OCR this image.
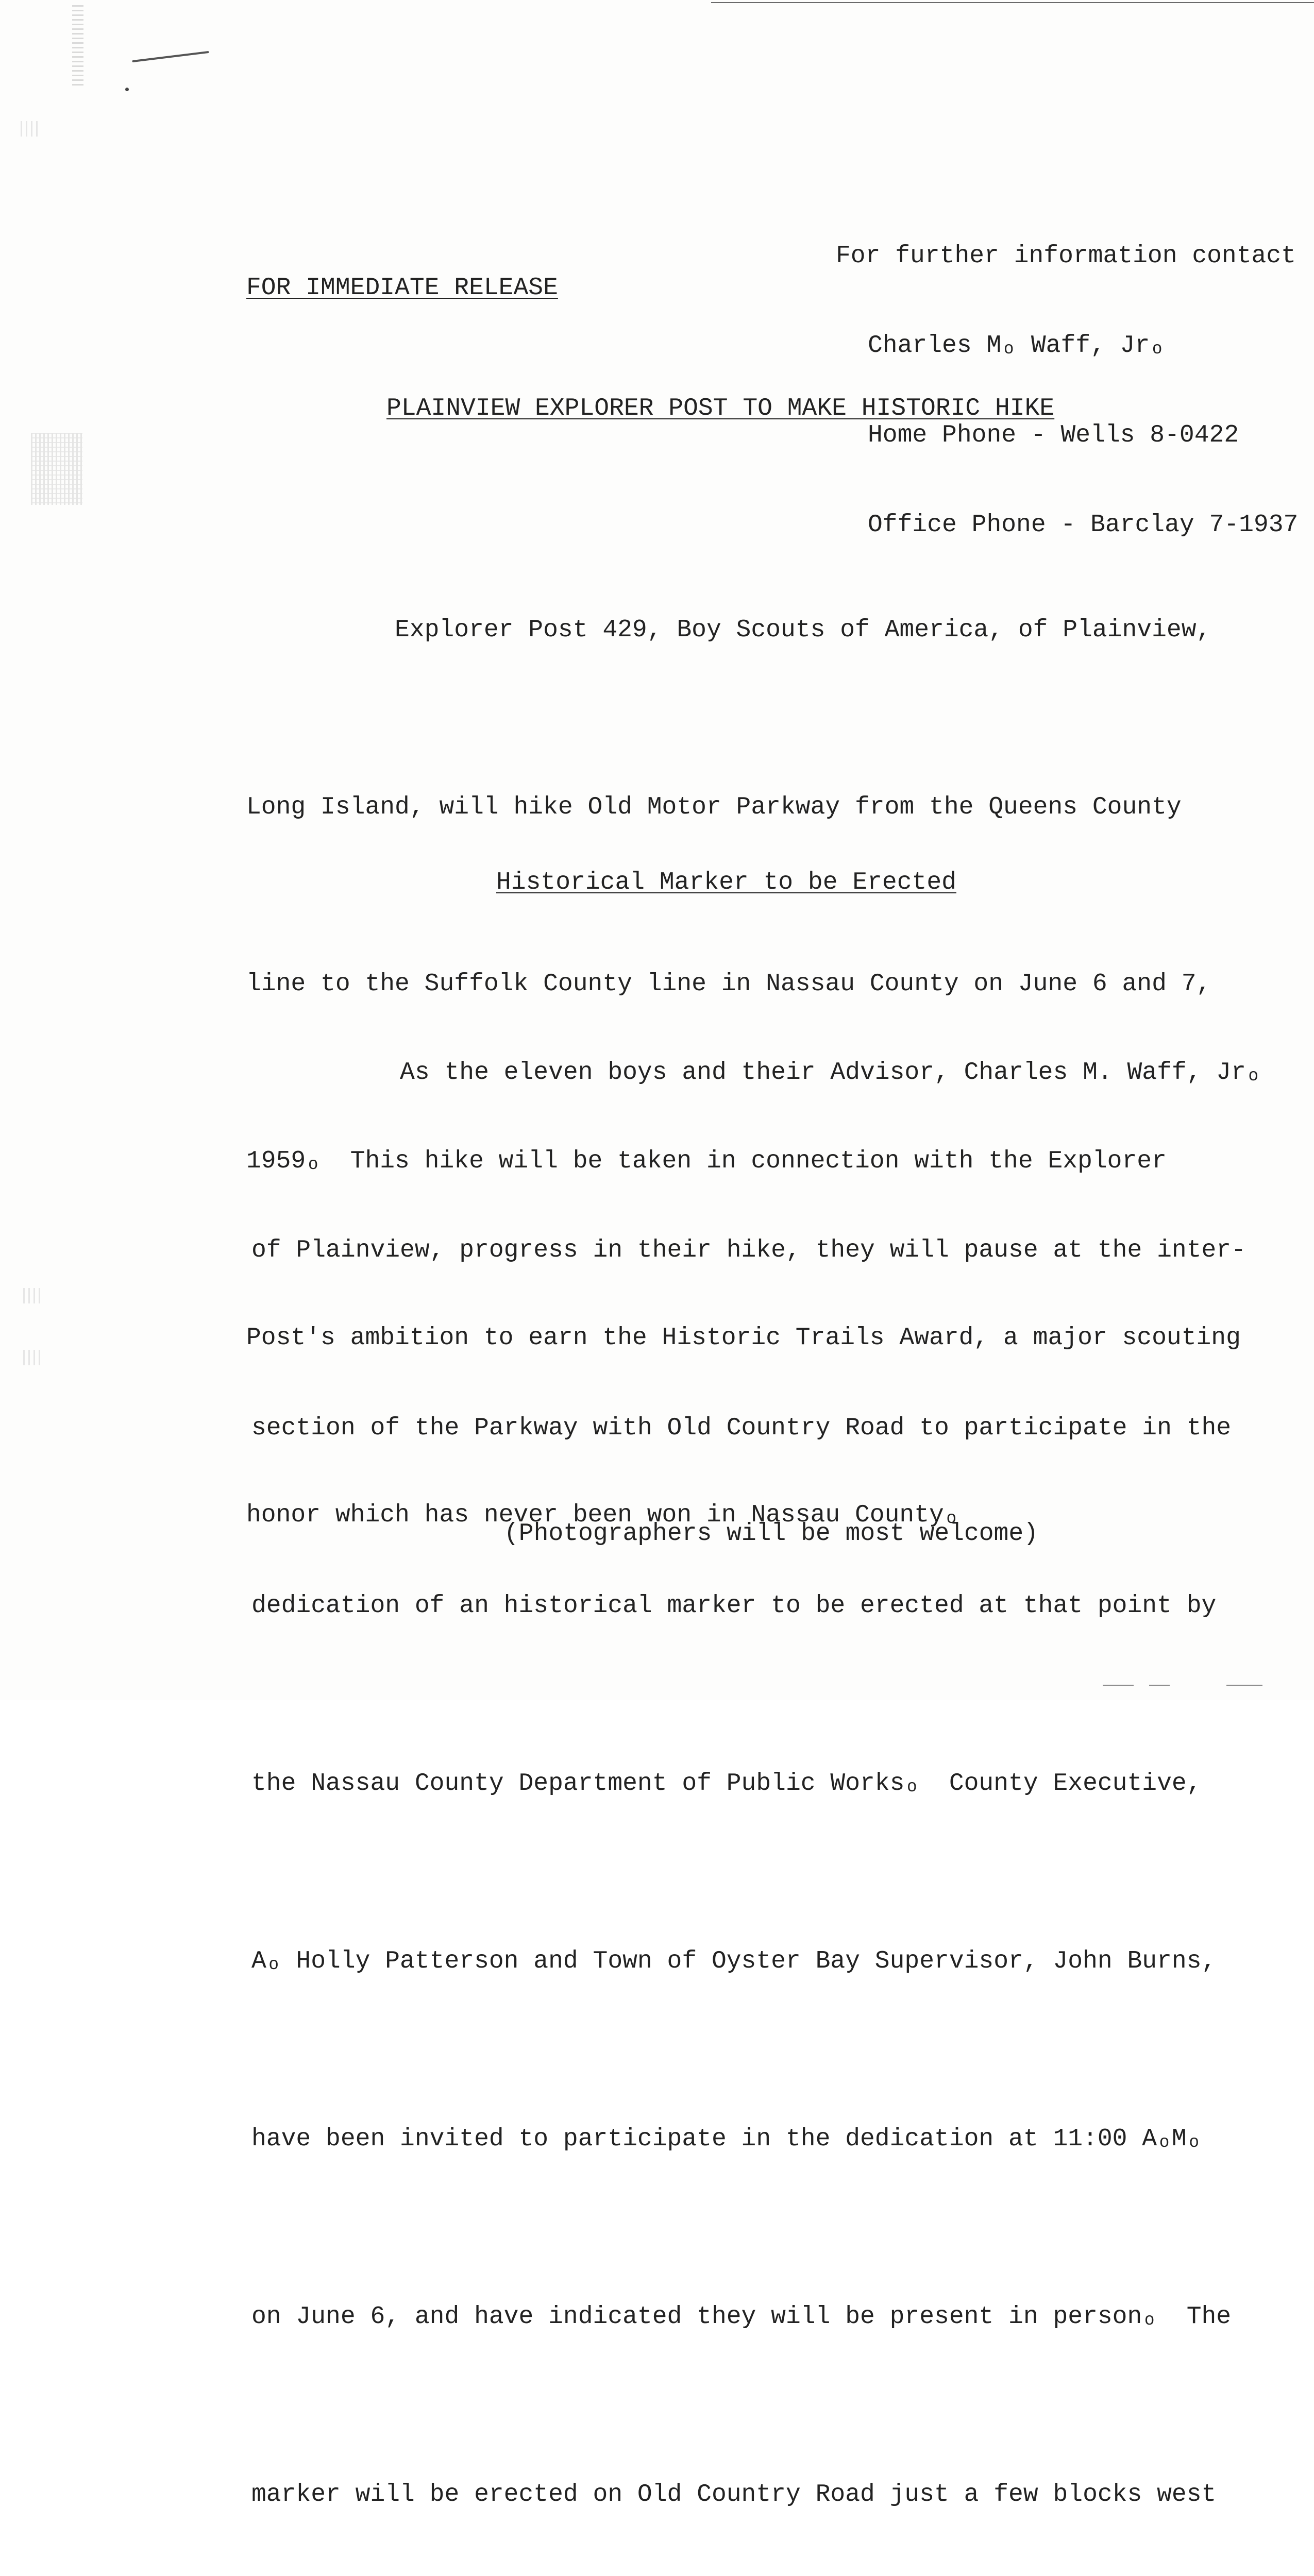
For further information contact

Charles Mₒ Waff, Jrₒ

Home Phone - Wells 8-0422

Office Phone - Barclay 7-1937

FOR IMMEDIATE RELEASE
PLAINVIEW EXPLORER POST TO MAKE HISTORIC HIKE

Explorer Post 429, Boy Scouts of America, of Plainview,

Long Island, will hike Old Motor Parkway from the Queens County

line to the Suffolk County line in Nassau County on June 6 and 7,

1959ₒ  This hike will be taken in connection with the Explorer

Post's ambition to earn the Historic Trails Award, a major scouting

honor which has never been won in Nassau Countyₒ

Historical Marker to be Erected

As the eleven boys and their Advisor, Charles M. Waff, Jrₒ

of Plainview, progress in their hike, they will pause at the inter-

section of the Parkway with Old Country Road to participate in the

dedication of an historical marker to be erected at that point by

the Nassau County Department of Public Worksₒ  County Executive,

Aₒ Holly Patterson and Town of Oyster Bay Supervisor, John Burns,

have been invited to participate in the dedication at 11:00 AₒMₒ

on June 6, and have indicated they will be present in personₒ  The

marker will be erected on Old Country Road just a few blocks west

(Photographers will be most welcome)
